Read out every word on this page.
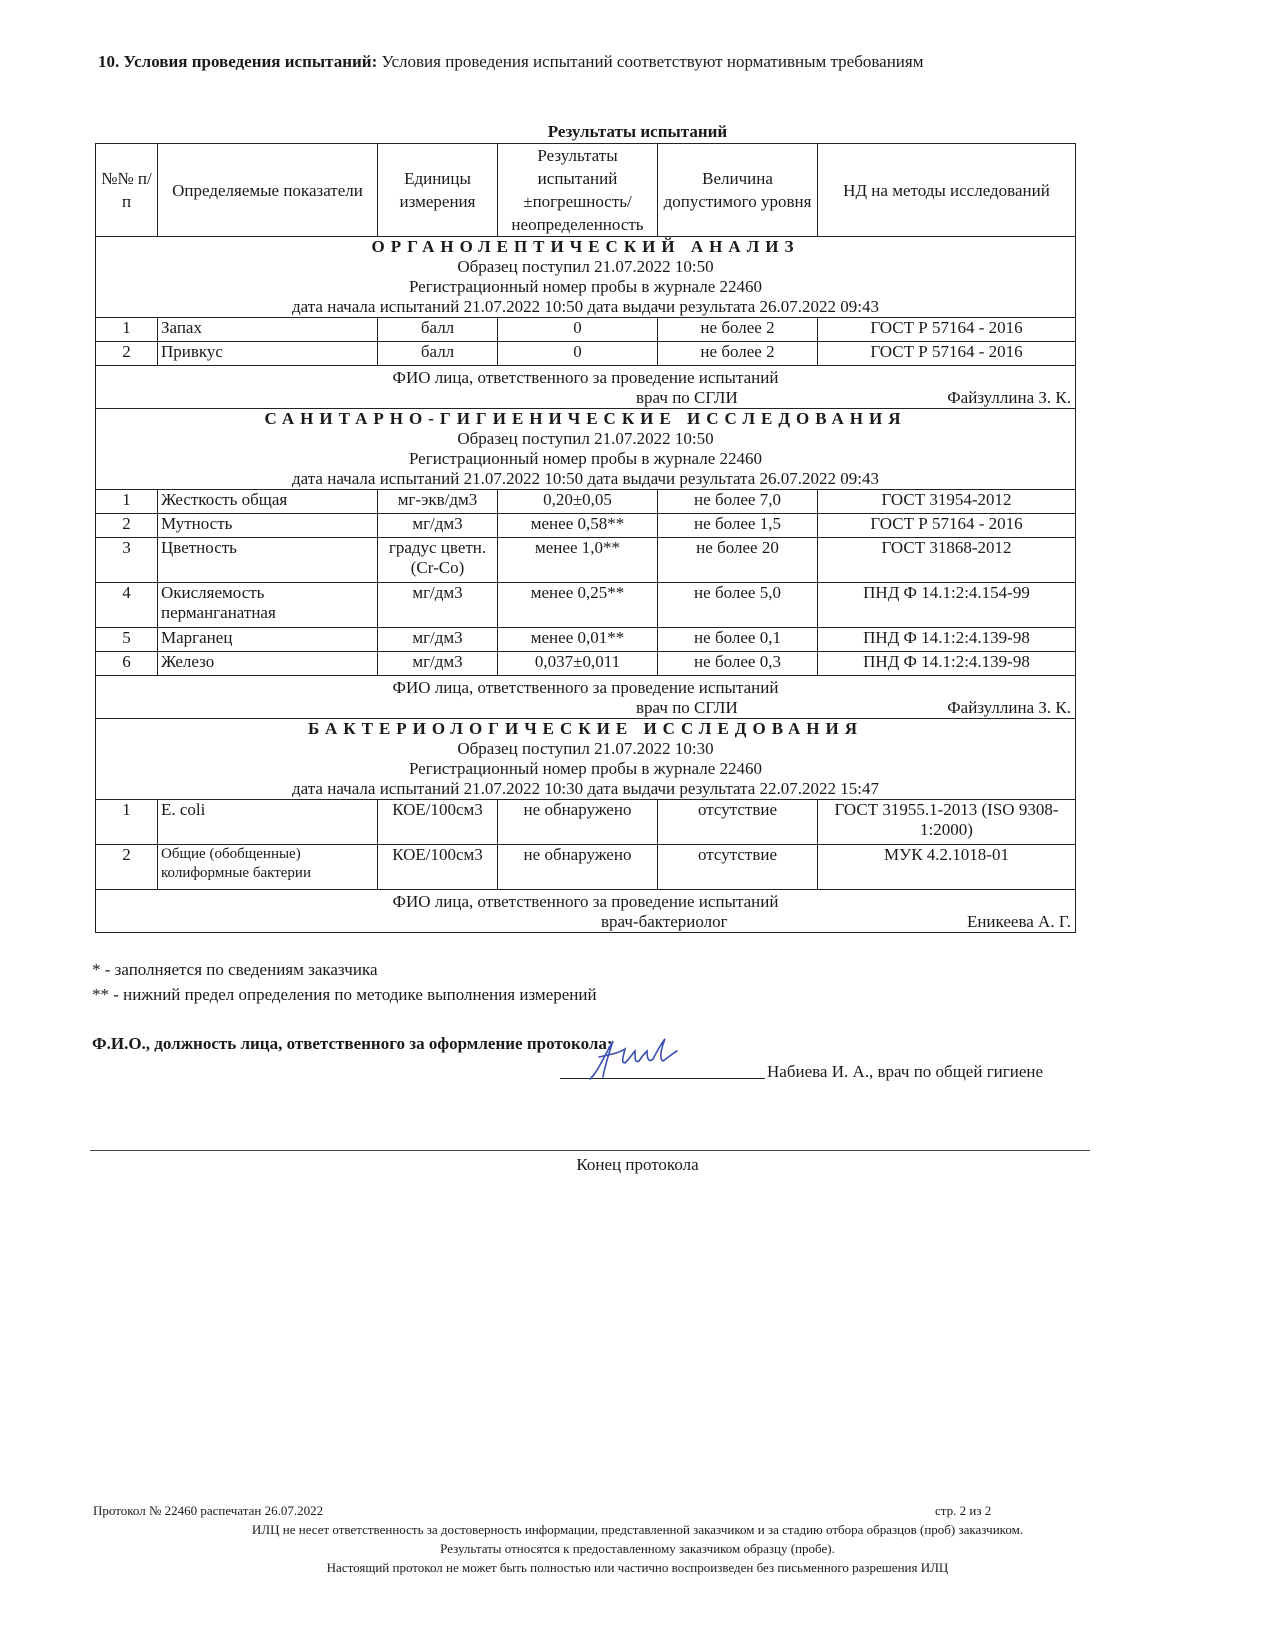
10. Условия проведения испытаний: Условия проведения испытаний соответствуют нормативным требованиям
Результаты испытаний
№№ п/п	Определяемые показатели	Единицы измерения	Результаты испытаний ±погрешность/ неопределенность	Величина допустимого уровня	НД на методы исследований

ОРГАНОЛЕПТИЧЕСКИЙ АНАЛИЗ
Образец поступил 21.07.2022 10:50
Регистрационный номер пробы в журнале 22460
дата начала испытаний 21.07.2022 10:50 дата выдачи результата 26.07.2022 09:43					

1	Запах	балл	0	не более 2	ГОСТ Р 57164 - 2016
2	Привкус	балл	0	не более 2	ГОСТ Р 57164 - 2016

ФИО лица, ответственного за проведение испытаний
врач по СГЛИ Файзуллина З. К.					

САНИТАРНО-ГИГИЕНИЧЕСКИЕ ИССЛЕДОВАНИЯ
Образец поступил 21.07.2022 10:50
Регистрационный номер пробы в журнале 22460
дата начала испытаний 21.07.2022 10:50 дата выдачи результата 26.07.2022 09:43					

1	Жесткость общая	мг-экв/дм3	0,20±0,05	не более 7,0	ГОСТ 31954-2012
2	Мутность	мг/дм3	менее 0,58**	не более 1,5	ГОСТ Р 57164 - 2016
3	Цветность	градус цветн.(Cr-Co)	менее 1,0**	не более 20	ГОСТ 31868-2012
4	Окисляемость перманганатная	мг/дм3	менее 0,25**	не более 5,0	ПНД Ф 14.1:2:4.154-99
5	Марганец	мг/дм3	менее 0,01**	не более 0,1	ПНД Ф 14.1:2:4.139-98
6	Железо	мг/дм3	0,037±0,011	не более 0,3	ПНД Ф 14.1:2:4.139-98

ФИО лица, ответственного за проведение испытаний
врач по СГЛИ Файзуллина З. К.					

БАКТЕРИОЛОГИЧЕСКИЕ ИССЛЕДОВАНИЯ
Образец поступил 21.07.2022 10:30
Регистрационный номер пробы в журнале 22460
дата начала испытаний 21.07.2022 10:30 дата выдачи результата 22.07.2022 15:47					

1	E. coli	КОЕ/100см3	не обнаружено	отсутствие	ГОСТ 31955.1-2013 (ISO 9308-1:2000)
2	Общие (обобщенные) колиформные бактерии	КОЕ/100см3	не обнаружено	отсутствие	МУК 4.2.1018-01

ФИО лица, ответственного за проведение испытаний
врач-бактериолог Еникеева А. Г.					
* - заполняется по сведениям заказчика
** - нижний предел определения по методике выполнения измерений
Ф.И.О., должность лица, ответственного за оформление протокола:
Набиева И. А., врач по общей гигиене
Конец протокола
Протокол № 22460 распечатан 26.07.2022	стр. 2 из 2
ИЛЦ не несет ответственность за достоверность информации, представленной заказчиком и за стадию отбора образцов (проб) заказчиком.
Результаты относятся к предоставленному заказчиком образцу (пробе).
Настоящий протокол не может быть полностью или частично воспроизведен без письменного разрешения ИЛЦ
